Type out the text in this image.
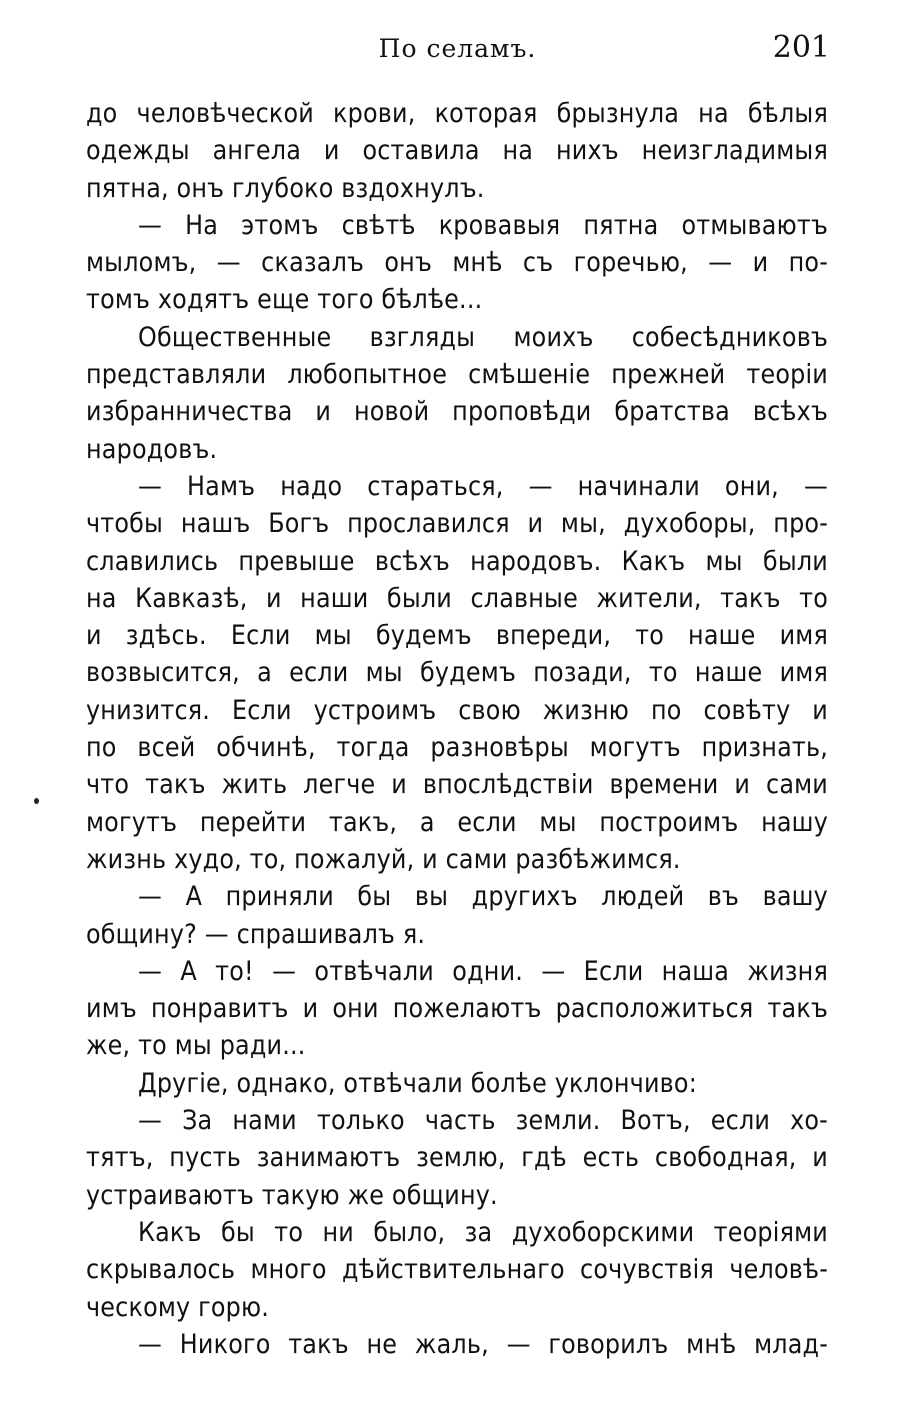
По селамъ.	201
до человѣческой крови, которая брызнула на бѣлыя
одежды ангела и оставила на нихъ неизгладимыя
пятна, онъ глубоко вздохнулъ.
— На этомъ свѣтѣ кровавыя пятна отмываютъ
мыломъ, — сказалъ онъ мнѣ съ горечью, — и по-
томъ ходятъ еще того бѣлѣе...
Общественные взгляды моихъ собесѣдниковъ
представляли любопытное смѣшеніе прежней теоріи
избранничества и новой проповѣди братства всѣхъ
народовъ.
— Намъ надо стараться, — начинали они, —
чтобы нашъ Богъ прославился и мы, духоборы, про-
славились превыше всѣхъ народовъ. Какъ мы были
на Кавказѣ, и наши были славные жители, такъ то
и здѣсь. Если мы будемъ впереди, то наше имя
возвысится, а если мы будемъ позади, то наше имя
унизится. Если устроимъ свою жизню по совѣту и
по всей обчинѣ, тогда разновѣры могутъ признать,
что такъ жить легче и впослѣдствіи времени и сами
могутъ перейти такъ, а если мы построимъ нашу
жизнь худо, то, пожалуй, и сами разбѣжимся.
— А приняли бы вы другихъ людей въ вашу
общину? — спрашивалъ я.
— А то! — отвѣчали одни. — Если наша жизня
имъ понравитъ и они пожелаютъ расположиться такъ
же, то мы ради...
Другіе, однако, отвѣчали болѣе уклончиво:
— За нами только часть земли. Вотъ, если хо-
тятъ, пусть занимаютъ землю, гдѣ есть свободная, и
устраиваютъ такую же общину.
Какъ бы то ни было, за духоборскими теоріями
скрывалось много дѣйствительнаго сочувствія человѣ-
ческому горю.
— Никого такъ не жаль, — говорилъ мнѣ млад-
